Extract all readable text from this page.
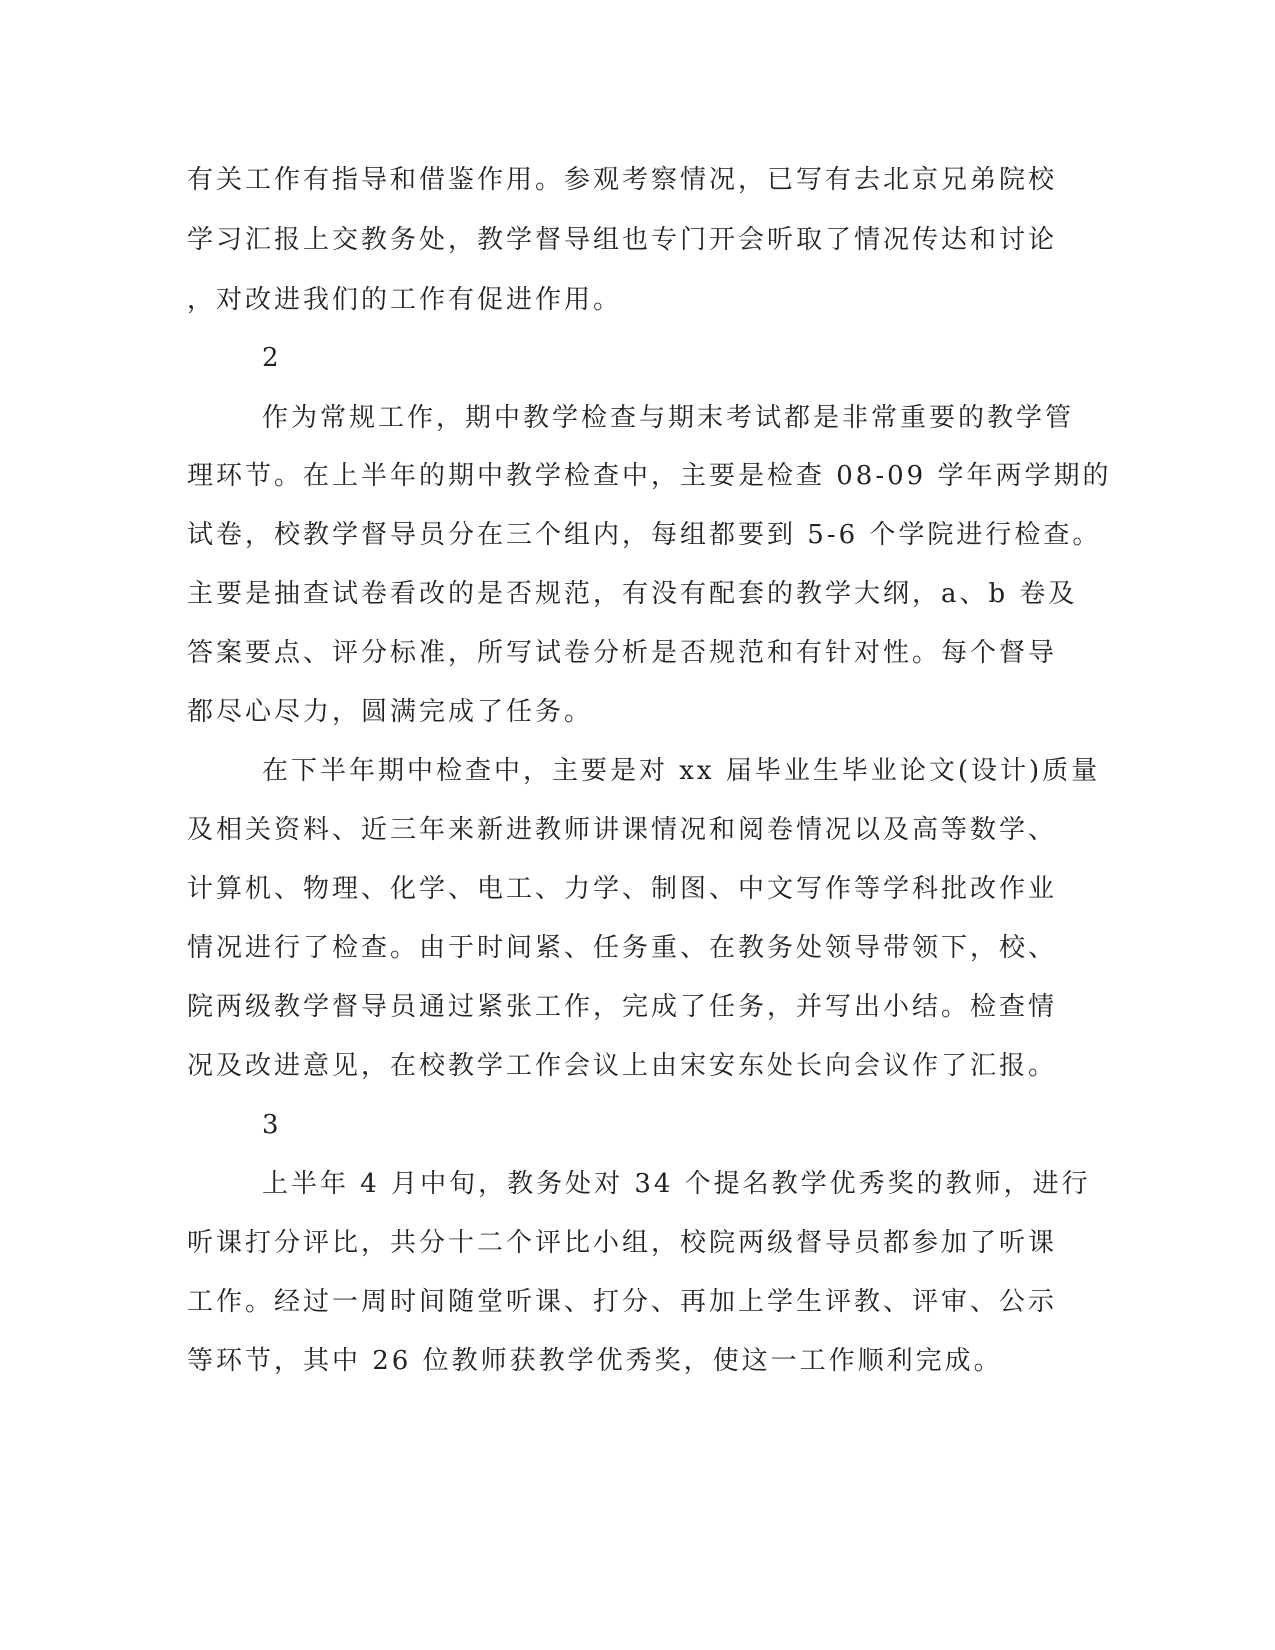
有关工作有指导和借鉴作用。参观考察情况，已写有去北京兄弟院校
学习汇报上交教务处，教学督导组也专门开会听取了情况传达和讨论
，对改进我们的工作有促进作用。
2
作为常规工作，期中教学检查与期末考试都是非常重要的教学管
理环节。在上半年的期中教学检查中，主要是检查 08-09 学年两学期的
试卷，校教学督导员分在三个组内，每组都要到 5-6 个学院进行检查。
主要是抽查试卷看改的是否规范，有没有配套的教学大纲，a、b 卷及
答案要点、评分标准，所写试卷分析是否规范和有针对性。每个督导
都尽心尽力，圆满完成了任务。
在下半年期中检查中，主要是对 xx 届毕业生毕业论文(设计)质量
及相关资料、近三年来新进教师讲课情况和阅卷情况以及高等数学、
计算机、物理、化学、电工、力学、制图、中文写作等学科批改作业
情况进行了检查。由于时间紧、任务重、在教务处领导带领下，校、
院两级教学督导员通过紧张工作，完成了任务，并写出小结。检查情
况及改进意见，在校教学工作会议上由宋安东处长向会议作了汇报。
3
上半年 4 月中旬，教务处对 34 个提名教学优秀奖的教师，进行
听课打分评比，共分十二个评比小组，校院两级督导员都参加了听课
工作。经过一周时间随堂听课、打分、再加上学生评教、评审、公示
等环节，其中 26 位教师获教学优秀奖，使这一工作顺利完成。
